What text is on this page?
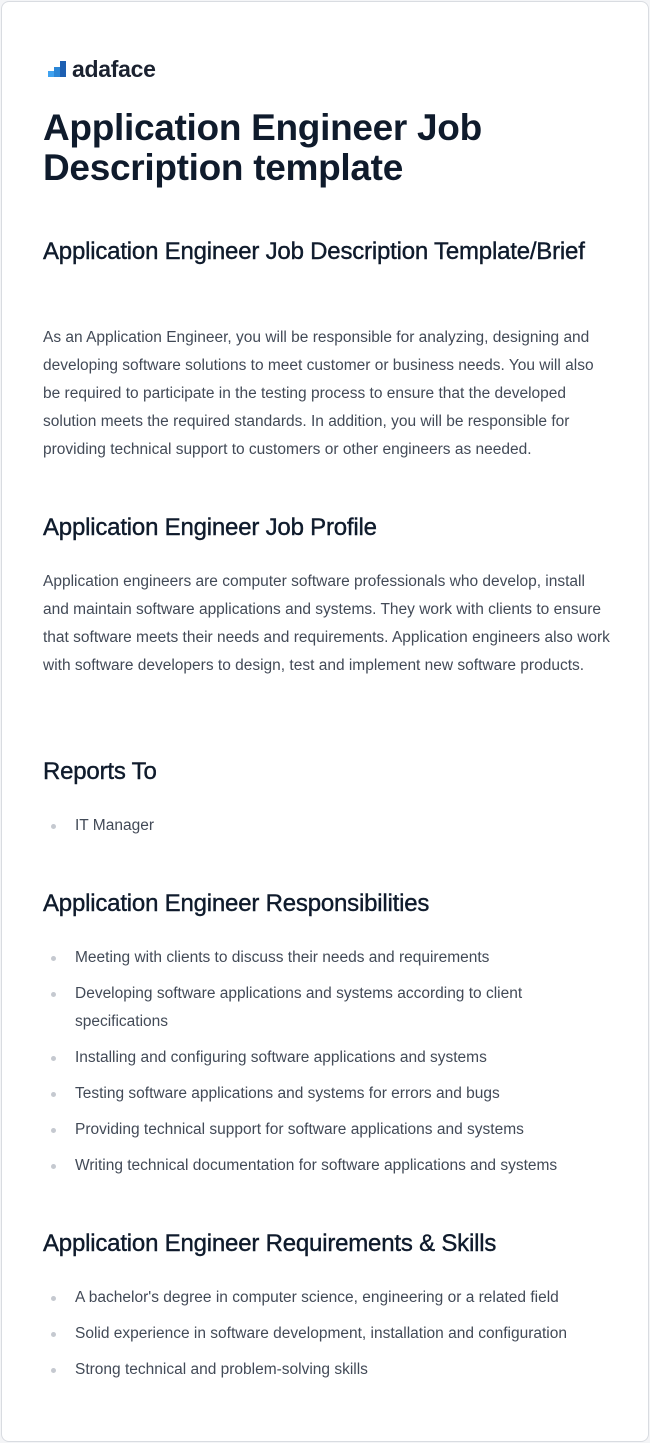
adaface
Application Engineer Job Description template
Application Engineer Job Description Template/Brief

As an Application Engineer, you will be responsible for analyzing, designing and developing software solutions to meet customer or business needs. You will also be required to participate in the testing process to ensure that the developed solution meets the required standards. In addition, you will be responsible for providing technical support to customers or other engineers as needed.

Application Engineer Job Profile

Application engineers are computer software professionals who develop, install and maintain software applications and systems. They work with clients to ensure that software meets their needs and requirements. Application engineers also work with software developers to design, test and implement new software products.

Reports To
IT Manager
Application Engineer Responsibilities
Meeting with clients to discuss their needs and requirements
Developing software applications and systems according to client specifications
Installing and configuring software applications and systems
Testing software applications and systems for errors and bugs
Providing technical support for software applications and systems
Writing technical documentation for software applications and systems
Application Engineer Requirements & Skills
A bachelor's degree in computer science, engineering or a related field
Solid experience in software development, installation and configuration
Strong technical and problem-solving skills
